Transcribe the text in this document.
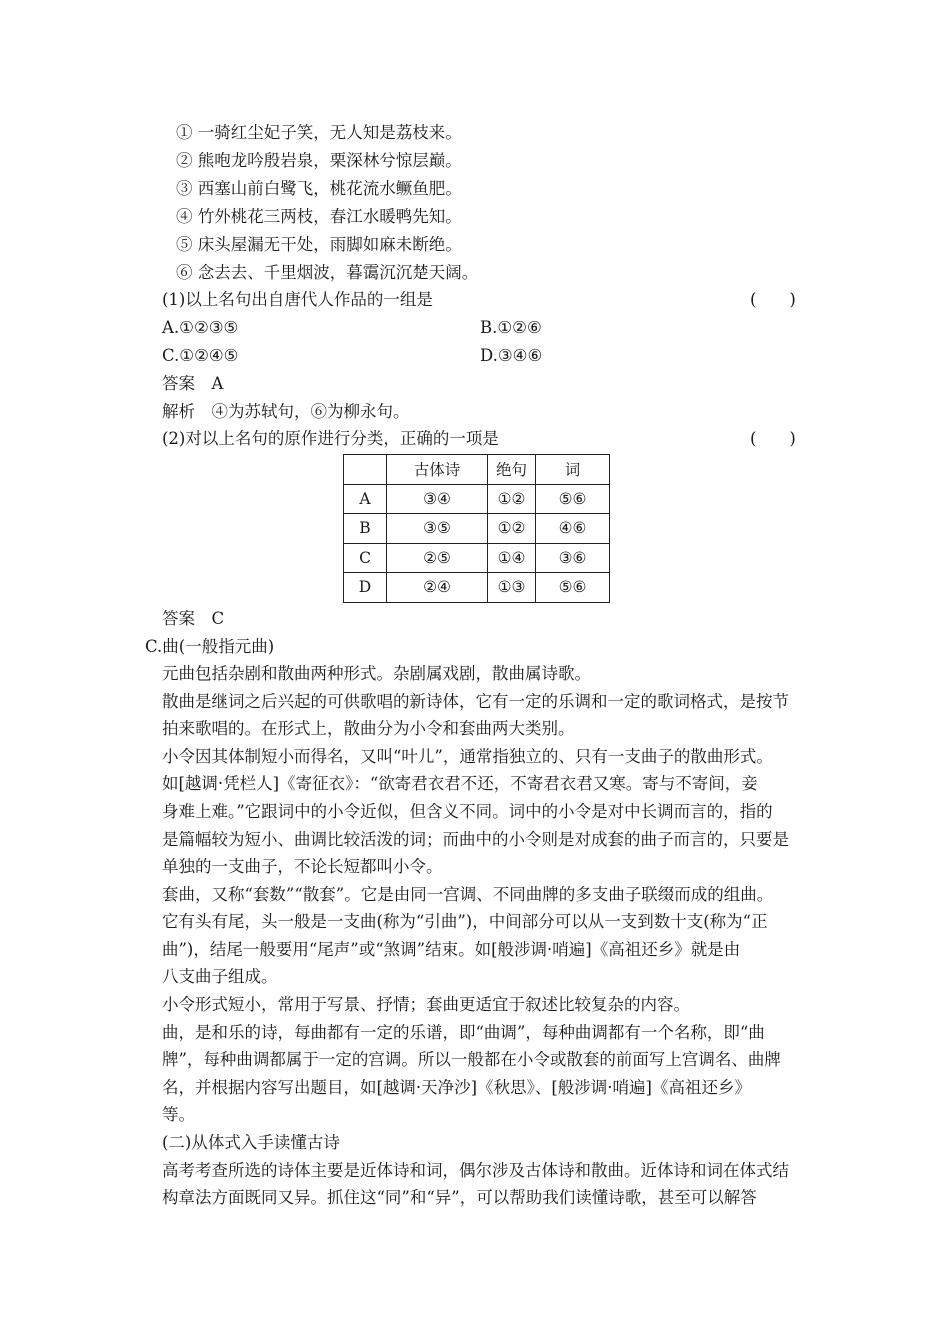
① 一骑红尘妃子笑，无人知是荔枝来。
② 熊咆龙吟殷岩泉，栗深林兮惊层巅。
③ 西塞山前白鹭飞，桃花流水鳜鱼肥。
④ 竹外桃花三两枝，春江水暖鸭先知。
⑤ 床头屋漏无干处，雨脚如麻未断绝。
⑥ 念去去、千里烟波，暮霭沉沉楚天阔。
(1)以上名句出自唐代人作品的一组是	(　　)
A.①②③⑤	B.①②⑥
C.①②④⑤	D.③④⑥
答案　A
解析　④为苏轼句，⑥为柳永句。
(2)对以上名句的原作进行分类，正确的一项是	(　　)
	古体诗	绝句	词
A	③④	①②	⑤⑥
B	③⑤	①②	④⑥
C	②⑤	①④	③⑥
D	②④	①③	⑤⑥
答案　C
C.曲(一般指元曲)
元曲包括杂剧和散曲两种形式。杂剧属戏剧，散曲属诗歌。
散曲是继词之后兴起的可供歌唱的新诗体，它有一定的乐调和一定的歌词格式，是按节
拍来歌唱的。在形式上，散曲分为小令和套曲两大类别。
小令因其体制短小而得名，又叫“叶儿”，通常指独立的、只有一支曲子的散曲形式。
如[越调·凭栏人]《寄征衣》：“欲寄君衣君不还，不寄君衣君又寒。寄与不寄间，妾
身难上难。”它跟词中的小令近似，但含义不同。词中的小令是对中长调而言的，指的
是篇幅较为短小、曲调比较活泼的词；而曲中的小令则是对成套的曲子而言的，只要是
单独的一支曲子，不论长短都叫小令。
套曲，又称“套数”“散套”。它是由同一宫调、不同曲牌的多支曲子联缀而成的组曲。
它有头有尾，头一般是一支曲(称为“引曲”)，中间部分可以从一支到数十支(称为“正
曲”)，结尾一般要用“尾声”或“煞调”结束。如[般涉调·哨遍]《高祖还乡》就是由
八支曲子组成。
小令形式短小，常用于写景、抒情；套曲更适宜于叙述比较复杂的内容。
曲，是和乐的诗，每曲都有一定的乐谱，即“曲调”，每种曲调都有一个名称，即“曲
牌”，每种曲调都属于一定的宫调。所以一般都在小令或散套的前面写上宫调名、曲牌
名，并根据内容写出题目，如[越调·天净沙]《秋思》、[般涉调·哨遍]《高祖还乡》
等。
(二)从体式入手读懂古诗
高考考查所选的诗体主要是近体诗和词，偶尔涉及古体诗和散曲。近体诗和词在体式结
构章法方面既同又异。抓住这“同”和“异”，可以帮助我们读懂诗歌，甚至可以解答
